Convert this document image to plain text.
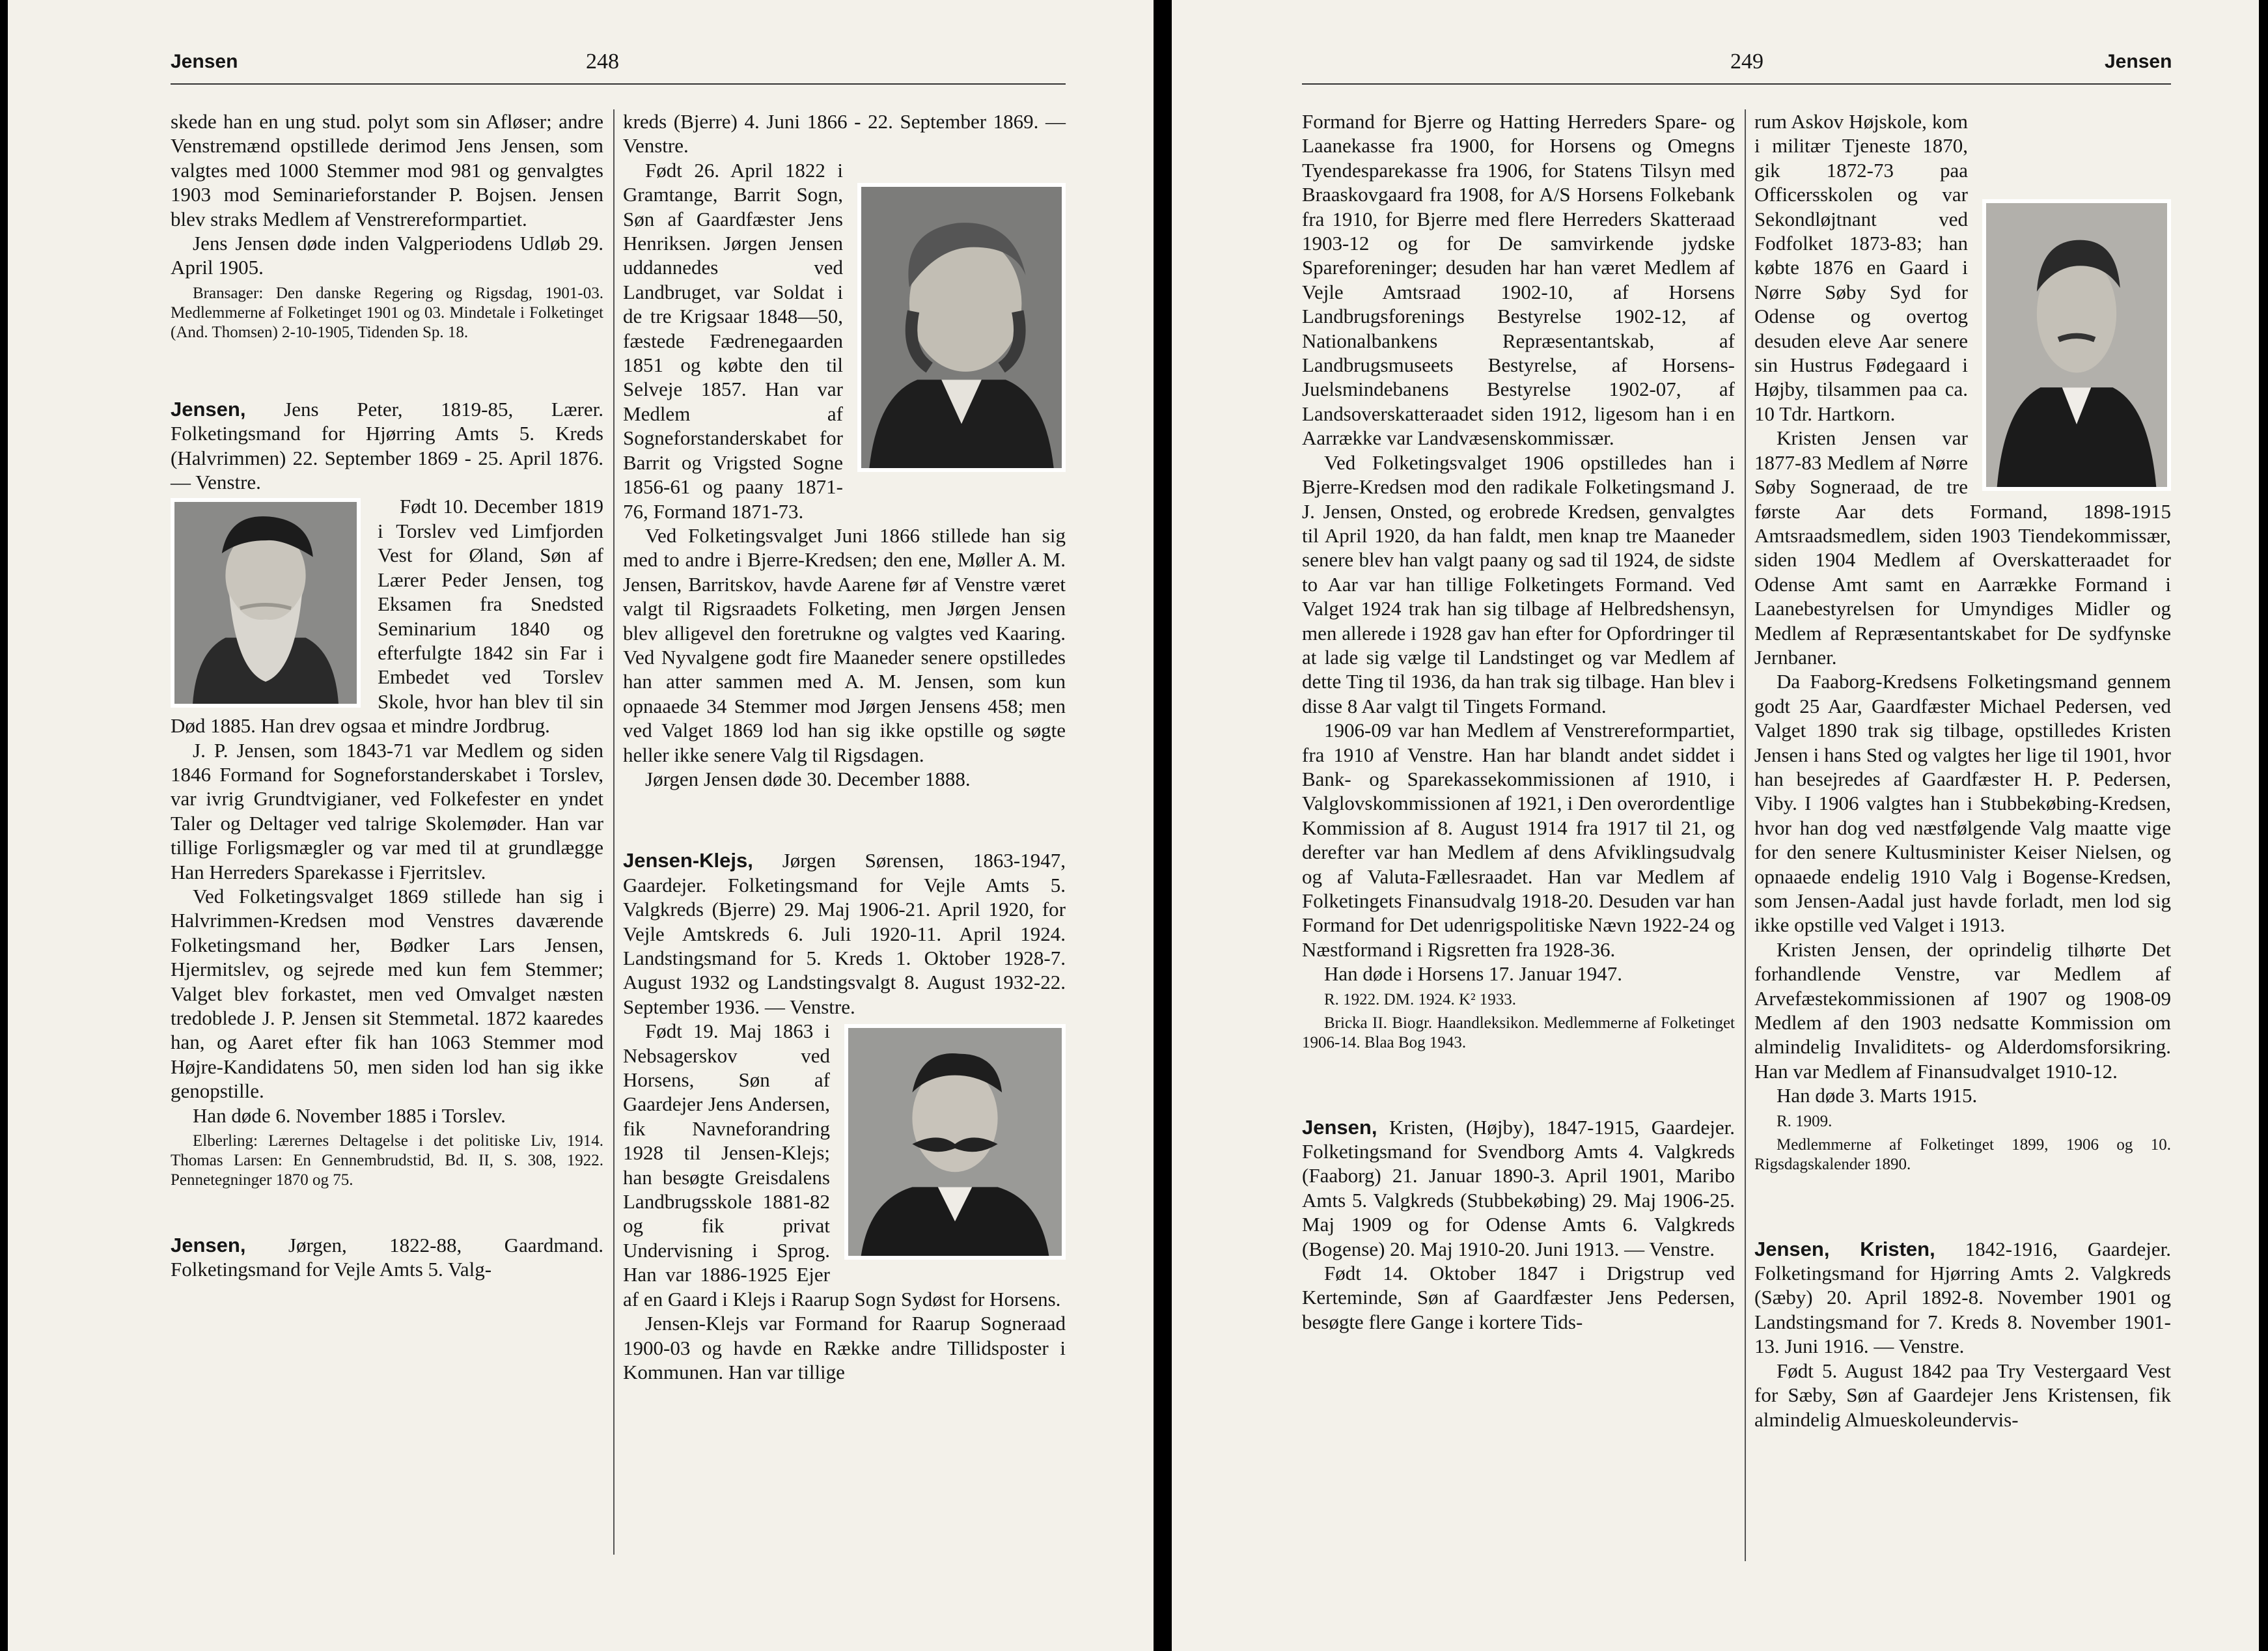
Jensen	248

skede han en ung stud. polyt som sin Afløser; andre Venstremænd opstillede derimod Jens Jensen, som valgtes med 1000 Stemmer mod 981 og genvalgtes 1903 mod Seminarieforstander P. Bojsen. Jensen blev straks Medlem af Venstrereformpartiet.

Jens Jensen døde inden Valgperiodens Udløb 29. April 1905.

Bransager: Den danske Regering og Rigsdag, 1901-03. Medlemmerne af Folketinget 1901 og 03. Mindetale i Folketinget (And. Thomsen) 2-10-1905, Tidenden Sp. 18.

Jensen, Jens Peter, 1819-85, Lærer. Folketingsmand for Hjørring Amts 5. Kreds (Halvrimmen) 22. September 1869 - 25. April 1876. — Venstre.

Født 10. December 1819 i Torslev ved Limfjorden Vest for Øland, Søn af Lærer Peder Jensen, tog Eksamen fra Snedsted Seminarium 1840 og efterfulgte 1842 sin Far i Embedet ved Torslev Skole, hvor han blev til sin Død 1885. Han drev ogsaa et mindre Jordbrug.

J. P. Jensen, som 1843-71 var Medlem og siden 1846 Formand for Sogneforstanderskabet i Torslev, var ivrig Grundtvigianer, ved Folkefester en yndet Taler og Deltager ved talrige Skolemøder. Han var tillige Forligsmægler og var med til at grundlægge Han Herreders Sparekasse i Fjerritslev.

Ved Folketingsvalget 1869 stillede han sig i Halvrimmen-Kredsen mod Venstres daværende Folketingsmand her, Bødker Lars Jensen, Hjermitslev, og sejrede med kun fem Stemmer; Valget blev forkastet, men ved Omvalget næsten tredoblede J. P. Jensen sit Stemmetal. 1872 kaaredes han, og Aaret efter fik han 1063 Stemmer mod Højre-Kandidatens 50, men siden lod han sig ikke genopstille.

Han døde 6. November 1885 i Torslev.

Elberling: Lærernes Deltagelse i det politiske Liv, 1914. Thomas Larsen: En Gennembrudstid, Bd. II, S. 308, 1922. Pennetegninger 1870 og 75.

Jensen, Jørgen, 1822-88, Gaardmand. Folketingsmand for Vejle Amts 5. Valg-

kreds (Bjerre) 4. Juni 1866 - 22. September 1869. — Venstre.

Født 26. April 1822 i Gramtange, Barrit Sogn, Søn af Gaardfæster Jens Henriksen. Jørgen Jensen uddannedes ved Landbruget, var Soldat i de tre Krigsaar 1848—50, fæstede Fædrenegaarden 1851 og købte den til Selveje 1857. Han var Medlem af Sogneforstanderskabet for Barrit og Vrigsted Sogne 1856-61 og paany 1871-76, Formand 1871-73.

Ved Folketingsvalget Juni 1866 stillede han sig med to andre i Bjerre-Kredsen; den ene, Møller A. M. Jensen, Barritskov, havde Aarene før af Venstre været valgt til Rigsraadets Folketing, men Jørgen Jensen blev alligevel den foretrukne og valgtes ved Kaaring. Ved Nyvalgene godt fire Maaneder senere opstilledes han atter sammen med A. M. Jensen, som kun opnaaede 34 Stemmer mod Jørgen Jensens 458; men ved Valget 1869 lod han sig ikke opstille og søgte heller ikke senere Valg til Rigsdagen.

Jørgen Jensen døde 30. December 1888.

Jensen-Klejs, Jørgen Sørensen, 1863-1947, Gaardejer. Folketingsmand for Vejle Amts 5. Valgkreds (Bjerre) 29. Maj 1906-21. April 1920, for Vejle Amtskreds 6. Juli 1920-11. April 1924. Landstingsmand for 5. Kreds 1. Oktober 1928-7. August 1932 og Landstingsvalgt 8. August 1932-22. September 1936. — Venstre.

Født 19. Maj 1863 i Nebsagerskov ved Horsens, Søn af Gaardejer Jens Andersen, fik Navneforandring 1928 til Jensen-Klejs; han besøgte Greisdalens Landbrugsskole 1881-82 og fik privat Undervisning i Sprog. Han var 1886-1925 Ejer af en Gaard i Klejs i Raarup Sogn Sydøst for Horsens.

Jensen-Klejs var Formand for Raarup Sogneraad 1900-03 og havde en Række andre Tillidsposter i Kommunen. Han var tillige

249	Jensen

Formand for Bjerre og Hatting Herreders Spare- og Laanekasse fra 1900, for Horsens og Omegns Tyendesparekasse fra 1906, for Statens Tilsyn med Braaskovgaard fra 1908, for A/S Horsens Folkebank fra 1910, for Bjerre med flere Herreders Skatteraad 1903-12 og for De samvirkende jydske Spareforeninger; desuden har han været Medlem af Vejle Amtsraad 1902-10, af Horsens Landbrugsforenings Bestyrelse 1902-12, af Nationalbankens Repræsentantskab, af Landbrugsmuseets Bestyrelse, af Horsens-Juelsmindebanens Bestyrelse 1902-07, af Landsoverskatteraadet siden 1912, ligesom han i en Aarrække var Landvæsenskommissær.

Ved Folketingsvalget 1906 opstilledes han i Bjerre-Kredsen mod den radikale Folketingsmand J. J. Jensen, Onsted, og erobrede Kredsen, genvalgtes til April 1920, da han faldt, men knap tre Maaneder senere blev han valgt paany og sad til 1924, de sidste to Aar var han tillige Folketingets Formand. Ved Valget 1924 trak han sig tilbage af Helbredshensyn, men allerede i 1928 gav han efter for Opfordringer til at lade sig vælge til Landstinget og var Medlem af dette Ting til 1936, da han trak sig tilbage. Han blev i disse 8 Aar valgt til Tingets Formand.

1906-09 var han Medlem af Venstrereformpartiet, fra 1910 af Venstre. Han har blandt andet siddet i Bank- og Sparekassekommissionen af 1910, i Valglovskommissionen af 1921, i Den overordentlige Kommission af 8. August 1914 fra 1917 til 21, og derefter var han Medlem af dens Afviklingsudvalg og af Valuta-Fællesraadet. Han var Medlem af Folketingets Finansudvalg 1918-20. Desuden var han Formand for Det udenrigspolitiske Nævn 1922-24 og Næstformand i Rigsretten fra 1928-36.

Han døde i Horsens 17. Januar 1947.

R. 1922. DM. 1924. K² 1933.

Bricka II. Biogr. Haandleksikon. Medlemmerne af Folketinget 1906-14. Blaa Bog 1943.

Jensen, Kristen, (Højby), 1847-1915, Gaardejer. Folketingsmand for Svendborg Amts 4. Valgkreds (Faaborg) 21. Januar 1890-3. April 1901, Maribo Amts 5. Valgkreds (Stubbekøbing) 29. Maj 1906-25. Maj 1909 og for Odense Amts 6. Valgkreds (Bogense) 20. Maj 1910-20. Juni 1913. — Venstre.

Født 14. Oktober 1847 i Drigstrup ved Kerteminde, Søn af Gaardfæster Jens Pedersen, besøgte flere Gange i kortere Tids-

rum Askov Højskole, kom i militær Tjeneste 1870, gik 1872-73 paa Officersskolen og var Sekondløjtnant ved Fodfolket 1873-83; han købte 1876 en Gaard i Nørre Søby Syd for Odense og overtog desuden eleve Aar senere sin Hustrus Fødegaard i Højby, tilsammen paa ca. 10 Tdr. Hartkorn.

Kristen Jensen var 1877-83 Medlem af Nørre Søby Sogneraad, de tre første Aar dets Formand, 1898-1915 Amtsraadsmedlem, siden 1903 Tiendekommissær, siden 1904 Medlem af Overskatteraadet for Odense Amt samt en Aarrække Formand i Laanebestyrelsen for Umyndiges Midler og Medlem af Repræsentantskabet for De sydfynske Jernbaner.

Da Faaborg-Kredsens Folketingsmand gennem godt 25 Aar, Gaardfæster Michael Pedersen, ved Valget 1890 trak sig tilbage, opstilledes Kristen Jensen i hans Sted og valgtes her lige til 1901, hvor han besejredes af Gaardfæster H. P. Pedersen, Viby. I 1906 valgtes han i Stubbekøbing-Kredsen, hvor han dog ved næstfølgende Valg maatte vige for den senere Kultusminister Keiser Nielsen, og opnaaede endelig 1910 Valg i Bogense-Kredsen, som Jensen-Aadal just havde forladt, men lod sig ikke opstille ved Valget i 1913.

Kristen Jensen, der oprindelig tilhørte Det forhandlende Venstre, var Medlem af Arvefæstekommissionen af 1907 og 1908-09 Medlem af den 1903 nedsatte Kommission om almindelig Invaliditets- og Alderdomsforsikring. Han var Medlem af Finansudvalget 1910-12.

Han døde 3. Marts 1915.

R. 1909.

Medlemmerne af Folketinget 1899, 1906 og 10. Rigsdagskalender 1890.

Jensen, Kristen, 1842-1916, Gaardejer. Folketingsmand for Hjørring Amts 2. Valgkreds (Sæby) 20. April 1892-8. November 1901 og Landstingsmand for 7. Kreds 8. November 1901-13. Juni 1916. — Venstre.

Født 5. August 1842 paa Try Vestergaard Vest for Sæby, Søn af Gaardejer Jens Kristensen, fik almindelig Almueskoleundervis-
